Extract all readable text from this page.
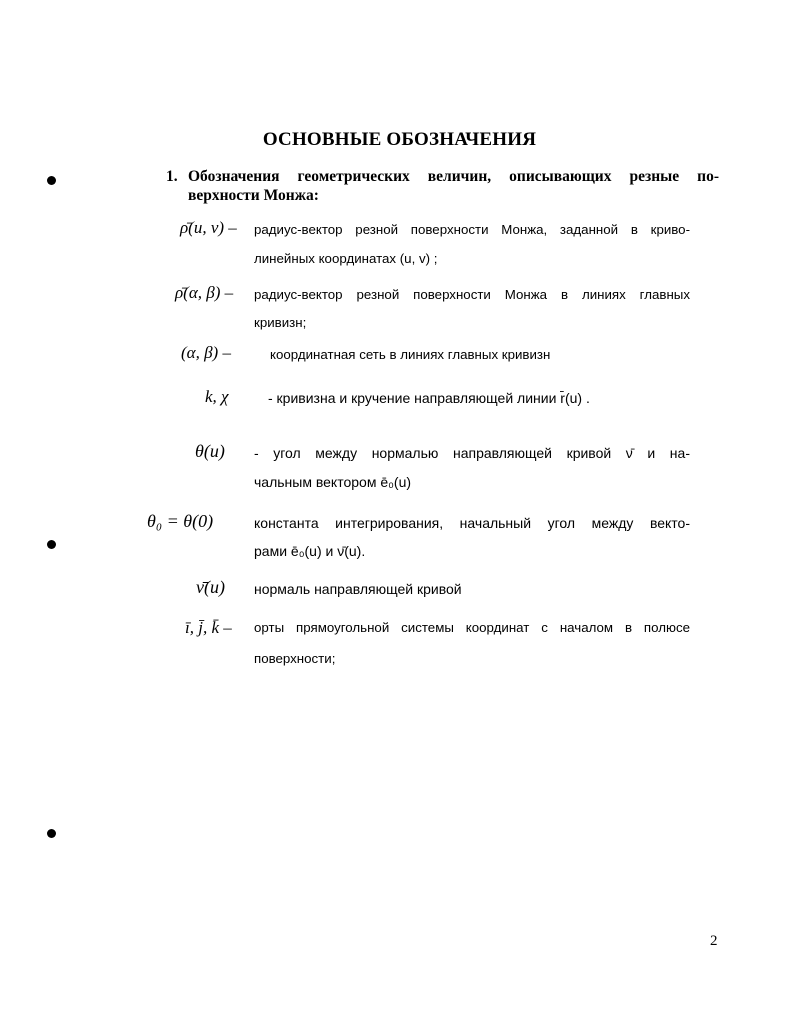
ОСНОВНЫЕ ОБОЗНАЧЕНИЯ
1. Обозначения геометрических величин, описывающих резные по-
верхности Монжа:
ρ̄(u, v) – радиус-вектор резной поверхности Монжа, заданной в криво-
линейных координатах (u, v) ;
ρ̄(α, β) – радиус-вектор резной поверхности Монжа в линиях главных
кривизн;
(α, β) –	координатная сеть в линиях главных кривизн
k, χ	- кривизна и кручение направляющей линии r̄(u) .
θ(u) - угол между нормалью направляющей кривой ν̄ и на-
чальным вектором ē₀(u)
θ₀ = θ(0)	константа интегрирования, начальный угол между векто-
рами ē₀(u) и ν̄(u).
ν̄(u) нормаль направляющей кривой
ī, j̄, k̄ – орты прямоугольной системы координат с началом в полюсе
поверхности;
2
